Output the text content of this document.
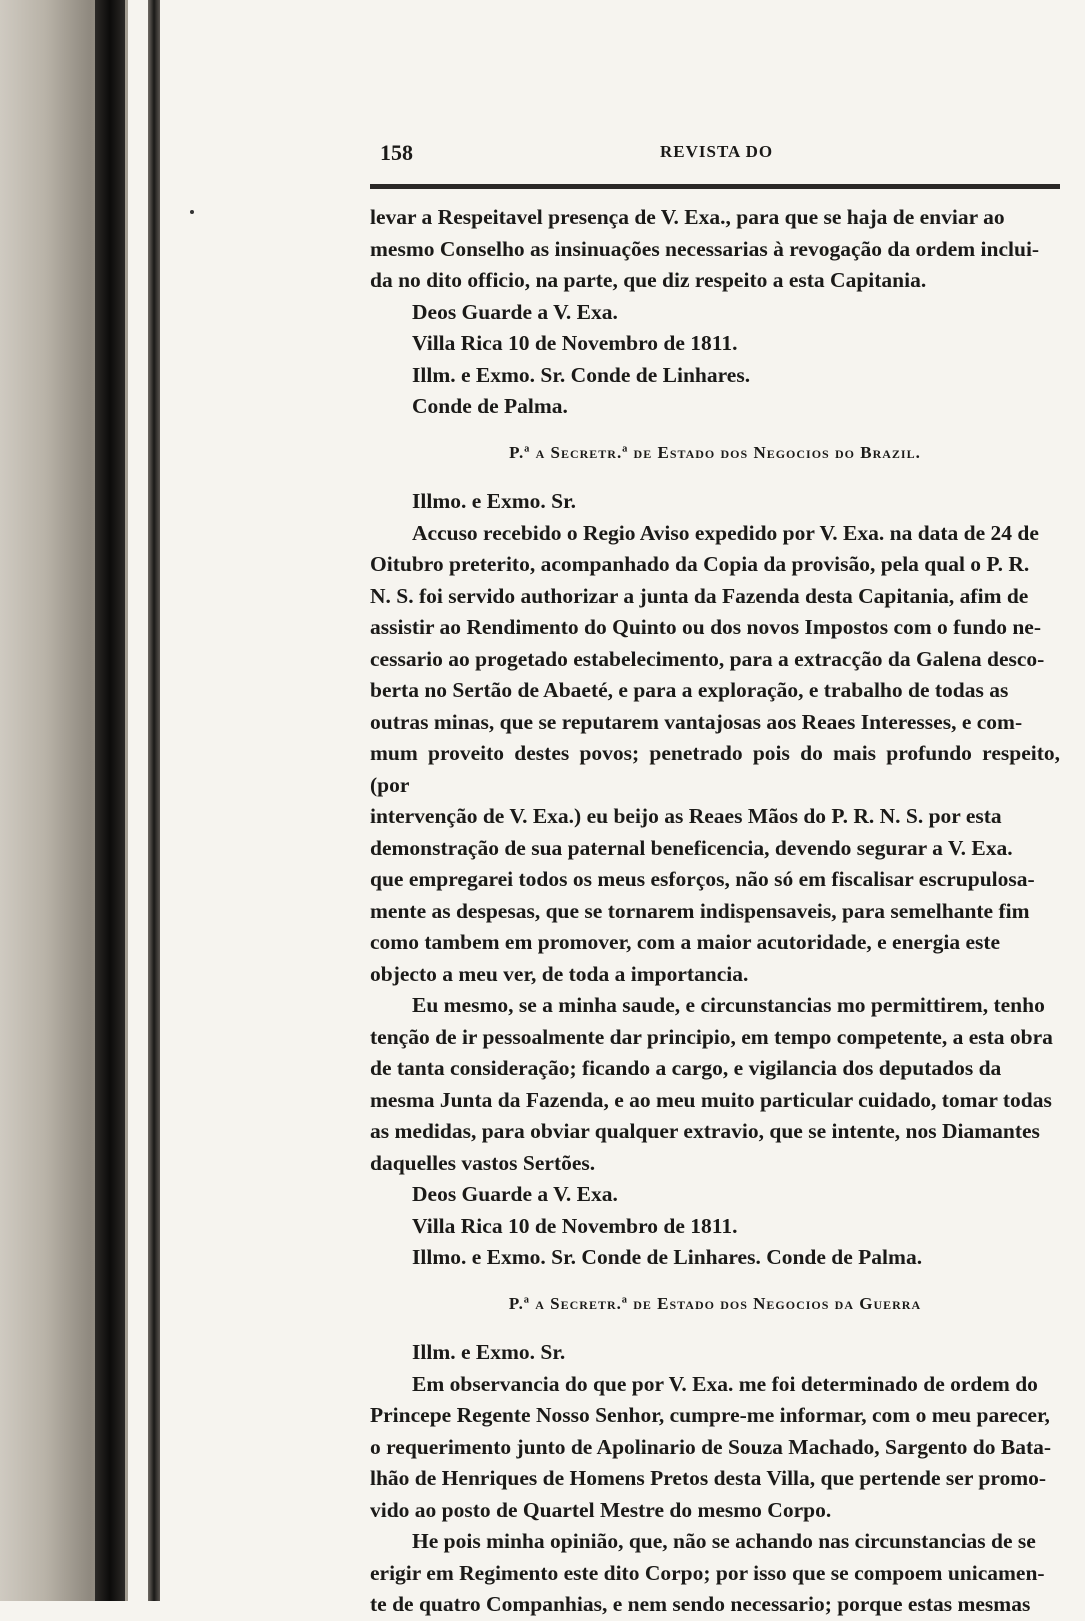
158	REVISTA DO
levar a Respeitavel presença de V. Exa., para que se haja de enviar ao
mesmo Conselho as insinuações necessarias à revogação da ordem inclui-
da no dito officio, na parte, que diz respeito a esta Capitania.
Deos Guarde a V. Exa.
Villa Rica 10 de Novembro de 1811.
Illm. e Exmo. Sr. Conde de Linhares.
Conde de Palma.
P.ª a Secretr.ª de Estado dos Negocios do Brazil.
Illmo. e Exmo. Sr.
Accuso recebido o Regio Aviso expedido por V. Exa. na data de 24 de
Oitubro preterito, acompanhado da Copia da provisão, pela qual o P. R.
N. S. foi servido authorizar a junta da Fazenda desta Capitania, afim de
assistir ao Rendimento do Quinto ou dos novos Impostos com o fundo ne-
cessario ao progetado estabelecimento, para a extracção da Galena desco-
berta no Sertão de Abaeté, e para a exploração, e trabalho de todas as
outras minas, que se reputarem vantajosas aos Reaes Interesses, e com-
mum proveito destes povos; penetrado pois do mais profundo respeito, (por
intervenção de V. Exa.) eu beijo as Reaes Mãos do P. R. N. S. por esta
demonstração de sua paternal beneficencia, devendo segurar a V. Exa.
que empregarei todos os meus esforços, não só em fiscalisar escrupulosa-
mente as despesas, que se tornarem indispensaveis, para semelhante fim
como tambem em promover, com a maior acutoridade, e energia este
objecto a meu ver, de toda a importancia.
Eu mesmo, se a minha saude, e circunstancias mo permittirem, tenho
tenção de ir pessoalmente dar principio, em tempo competente, a esta obra
de tanta consideração; ficando a cargo, e vigilancia dos deputados da
mesma Junta da Fazenda, e ao meu muito particular cuidado, tomar todas
as medidas, para obviar qualquer extravio, que se intente, nos Diamantes
daquelles vastos Sertões.
Deos Guarde a V. Exa.
Villa Rica 10 de Novembro de 1811.
Illmo. e Exmo. Sr. Conde de Linhares. Conde de Palma.
P.ª a Secretr.ª de Estado dos Negocios da Guerra
Illm. e Exmo. Sr.
Em observancia do que por V. Exa. me foi determinado de ordem do
Princepe Regente Nosso Senhor, cumpre-me informar, com o meu parecer,
o requerimento junto de Apolinario de Souza Machado, Sargento do Bata-
lhão de Henriques de Homens Pretos desta Villa, que pertende ser promo-
vido ao posto de Quartel Mestre do mesmo Corpo.
He pois minha opinião, que, não se achando nas circunstancias de se
erigir em Regimento este dito Corpo; por isso que se compoem unicamen-
te de quatro Companhias, e nem sendo necessario; porque estas mesmas
